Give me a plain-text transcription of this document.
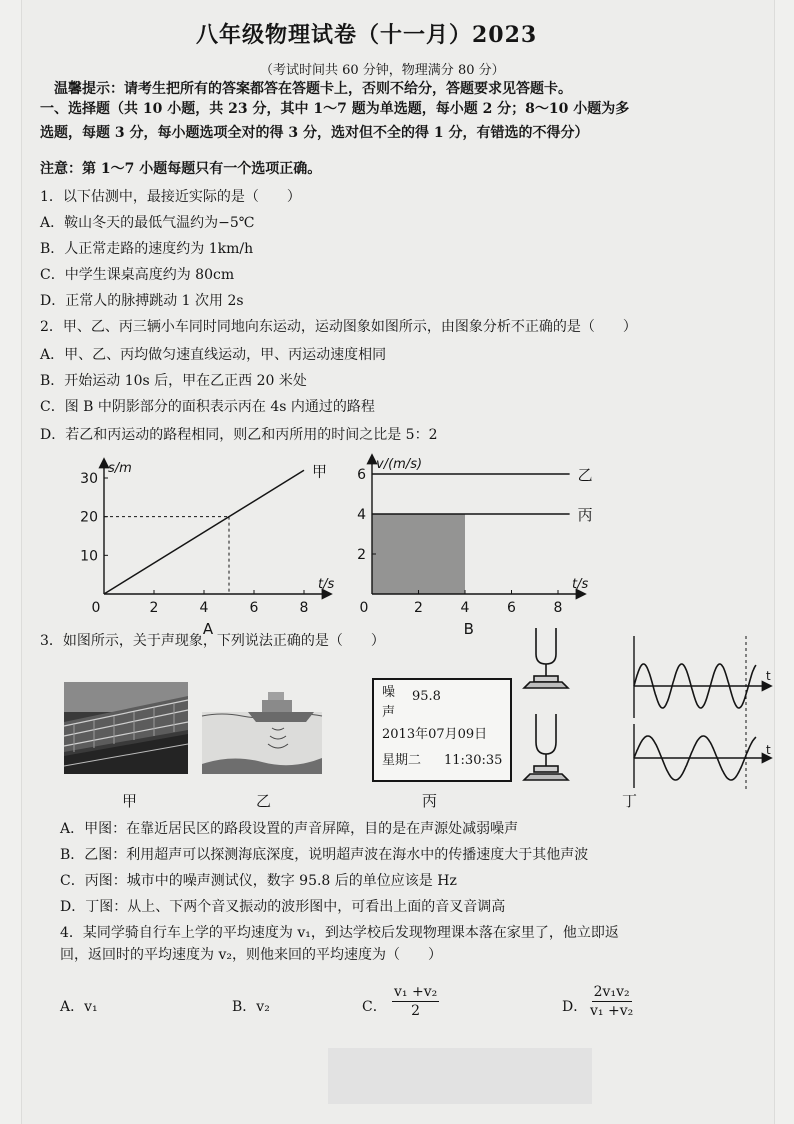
八年级物理试卷（十一月）2023
（考试时间共 60 分钟，物理满分 80 分）
温馨提示：请考生把所有的答案都答在答题卡上，否则不给分，答题要求见答题卡。
一、选择题（共 10 小题，共 23 分，其中 1～7 题为单选题，每小题 2 分；8～10 小题为多
选题，每题 3 分，每小题选项全对的得 3 分，选对但不全的得 1 分，有错选的不得分）
注意：第 1～7 小题每题只有一个选项正确。
1．以下估测中，最接近实际的是（　　）
A．鞍山冬天的最低气温约为−5℃
B．人正常走路的速度约为 1km/h
C．中学生课桌高度约为 80cm
D．正常人的脉搏跳动 1 次用 2s
2．甲、乙、丙三辆小车同时同地向东运动，运动图象如图所示，由图象分析不正确的是（　　）
A．甲、乙、丙均做匀速直线运动，甲、丙运动速度相同
B．开始运动 10s 后，甲在乙正西 20 米处
C．图 B 中阴影部分的面积表示丙在 4s 内通过的路程
D．若乙和丙运动的路程相同，则乙和丙所用的时间之比是 5：2
10
20
30
0	2	4	6	8
t/s
s/m	甲
A
2
4
6
0	2	4	6	8
t/s
v/(m/s)
乙
丙
B
3．如图所示，关于声现象，下列说法正确的是（　　）
甲	乙
噪 95.8
声
2013年07月09日
星期二 11:30:35
丙
t
t
丁
A．甲图：在靠近居民区的路段设置的声音屏障，目的是在声源处减弱噪声
B．乙图：利用超声可以探测海底深度，说明超声波在海水中的传播速度大于其他声波
C．丙图：城市中的噪声测试仪，数字 95.8 后的单位应该是 Hz
D．丁图：从上、下两个音叉振动的波形图中，可看出上面的音叉音调高
4．某同学骑自行车上学的平均速度为 v₁，到达学校后发现物理课本落在家里了，他立即返
回，返回时的平均速度为 v₂，则他来回的平均速度为（　　）
A．v₁	B．v₂	C． $\frac{\text{v₁ +v₂}}{2}$	D． $\frac{\text{2v₁v₂}}{\text{v₁ +v₂}}$
